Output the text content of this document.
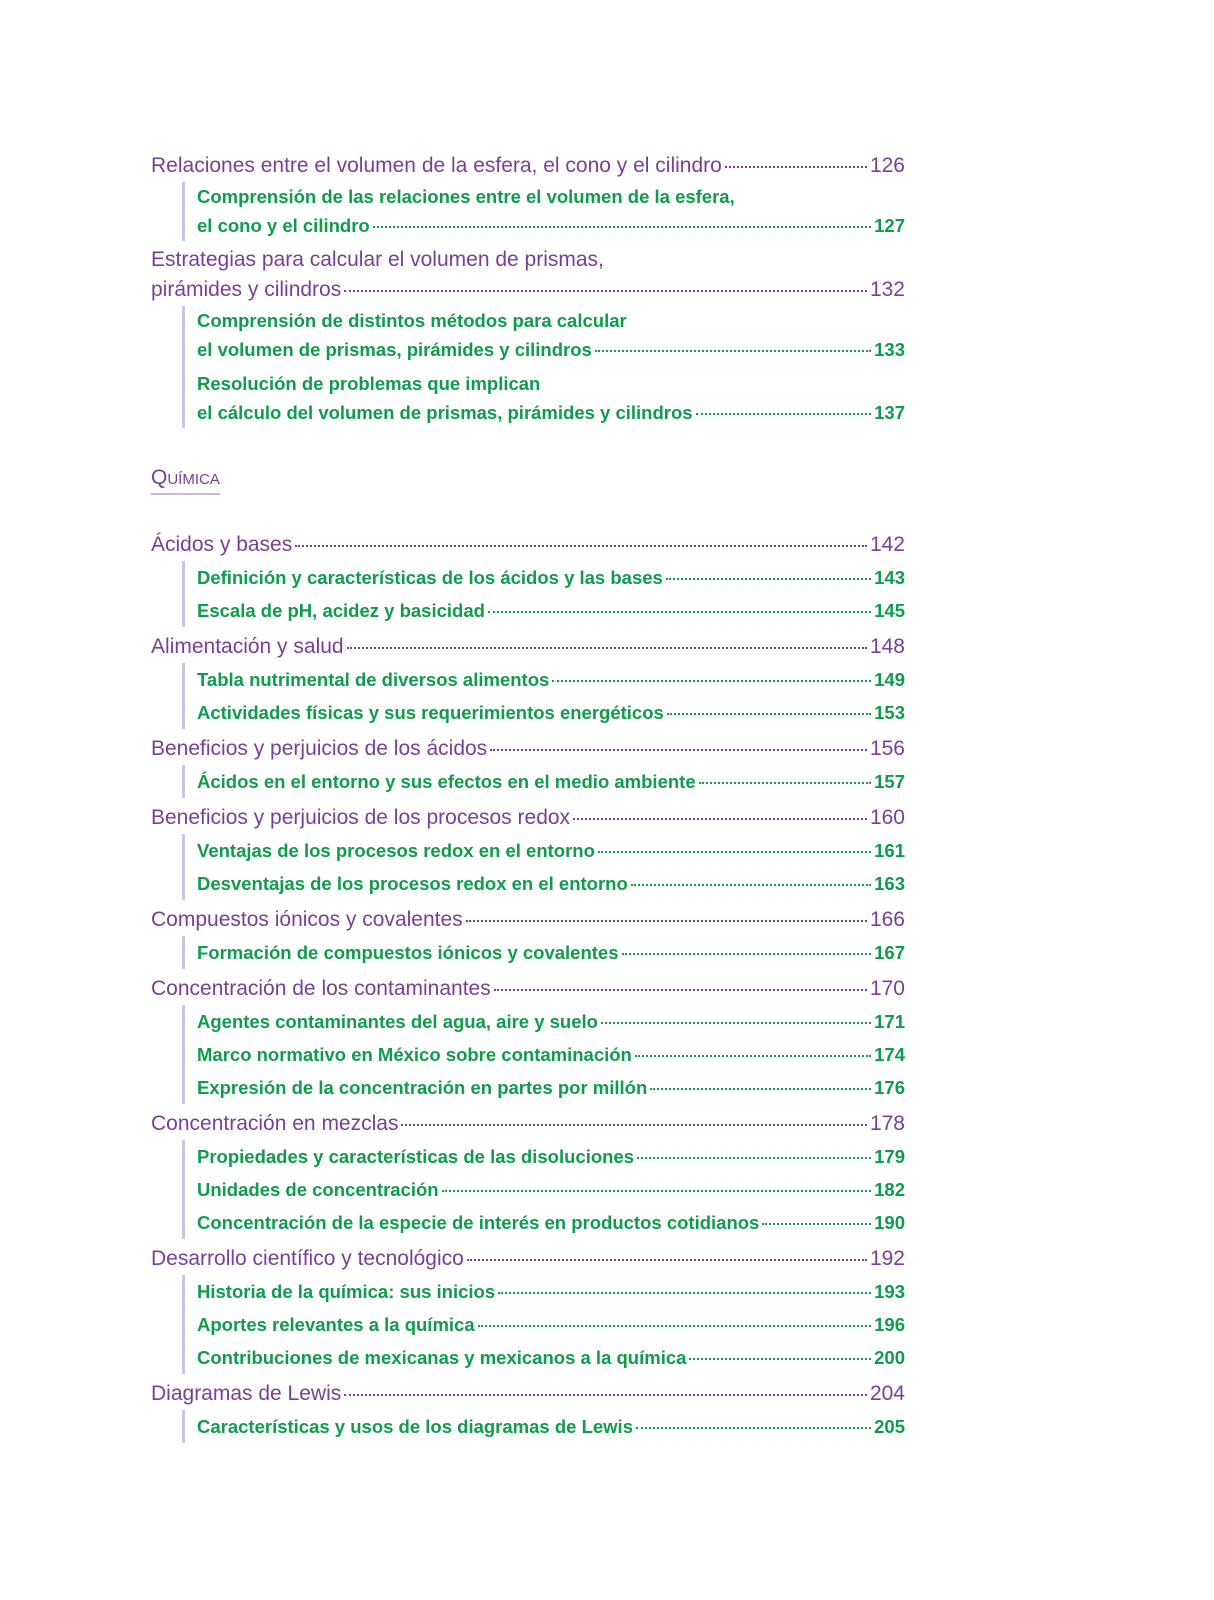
Relaciones entre el volumen de la esfera, el cono y el cilindro	126
Comprensión de las relaciones entre el volumen de la esfera,
el cono y el cilindro	127
Estrategias para calcular el volumen de prismas,
pirámides y cilindros	132
Comprensión de distintos métodos para calcular
el volumen de prismas, pirámides y cilindros	133
Resolución de problemas que implican
el cálculo del volumen de prismas, pirámides y cilindros	137
Química
Ácidos y bases	142
Definición y características de los ácidos y las bases	143
Escala de pH, acidez y basicidad	145
Alimentación y salud	148
Tabla nutrimental de diversos alimentos	149
Actividades físicas y sus requerimientos energéticos	153
Beneficios y perjuicios de los ácidos	156
Ácidos en el entorno y sus efectos en el medio ambiente	157
Beneficios y perjuicios de los procesos redox	160
Ventajas de los procesos redox en el entorno	161
Desventajas de los procesos redox en el entorno	163
Compuestos iónicos y covalentes	166
Formación de compuestos iónicos y covalentes	167
Concentración de los contaminantes	170
Agentes contaminantes del agua, aire y suelo	171
Marco normativo en México sobre contaminación	174
Expresión de la concentración en partes por millón	176
Concentración en mezclas	178
Propiedades y características de las disoluciones	179
Unidades de concentración	182
Concentración de la especie de interés en productos cotidianos	190
Desarrollo científico y tecnológico	192
Historia de la química: sus inicios	193
Aportes relevantes a la química	196
Contribuciones de mexicanas y mexicanos a la química	200
Diagramas de Lewis	204
Características y usos de los diagramas de Lewis	205
